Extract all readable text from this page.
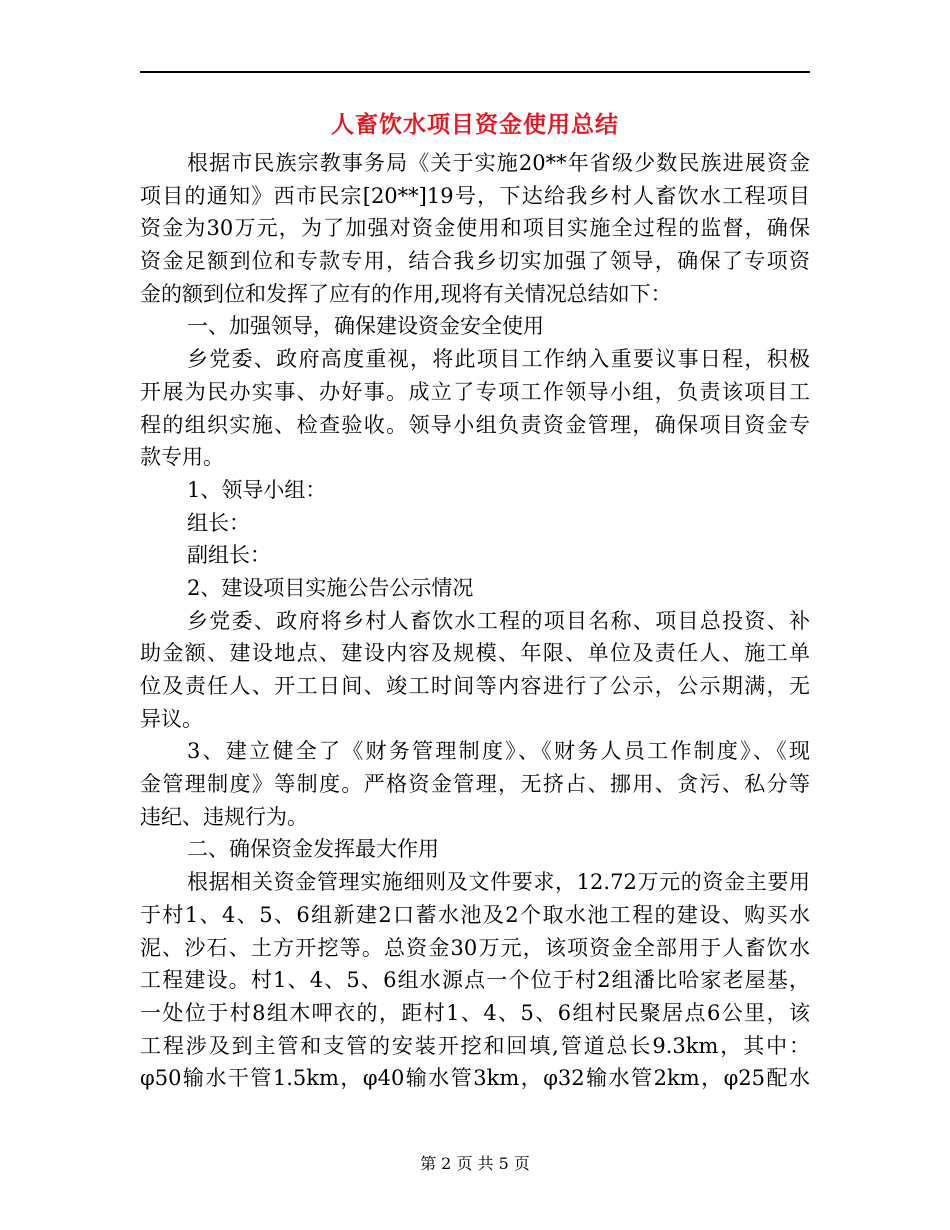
人畜饮水项目资金使用总结
根据市民族宗教事务局《关于实施20**年省级少数民族进展资金
项目的通知》西市民宗[20**]19号，下达给我乡村人畜饮水工程项目
资金为30万元，为了加强对资金使用和项目实施全过程的监督，确保
资金足额到位和专款专用，结合我乡切实加强了领导，确保了专项资
金的额到位和发挥了应有的作用,现将有关情况总结如下：
一、加强领导，确保建设资金安全使用
乡党委、政府高度重视，将此项目工作纳入重要议事日程，积极
开展为民办实事、办好事。成立了专项工作领导小组，负责该项目工
程的组织实施、检查验收。领导小组负责资金管理，确保项目资金专
款专用。
1、领导小组：
组长：
副组长：
2、建设项目实施公告公示情况
乡党委、政府将乡村人畜饮水工程的项目名称、项目总投资、补
助金额、建设地点、建设内容及规模、年限、单位及责任人、施工单
位及责任人、开工日间、竣工时间等内容进行了公示，公示期满，无
异议。
3、建立健全了《财务管理制度》、《财务人员工作制度》、《现
金管理制度》等制度。严格资金管理，无挤占、挪用、贪污、私分等
违纪、违规行为。
二、确保资金发挥最大作用
根据相关资金管理实施细则及文件要求，12.72万元的资金主要用
于村1、4、5、6组新建2口蓄水池及2个取水池工程的建设、购买水
泥、沙石、土方开挖等。总资金30万元，该项资金全部用于人畜饮水
工程建设。村1、4、5、6组水源点一个位于村2组潘比哈家老屋基，
一处位于村8组木呷衣的，距村1、4、5、6组村民聚居点6公里，该
工程涉及到主管和支管的安装开挖和回填,管道总长9.3km，其中：
φ50输水干管1.5km，φ40输水管3km，φ32输水管2km，φ25配水
第 2 页 共 5 页
